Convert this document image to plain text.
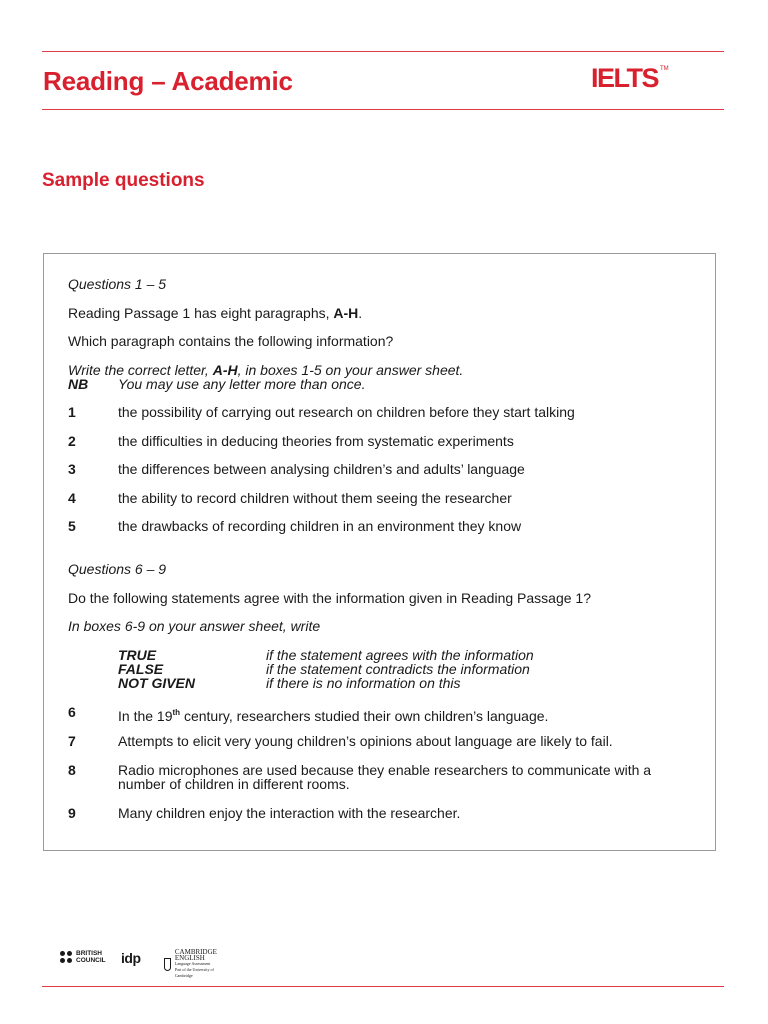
Reading – Academic	IELTS ™
Sample questions
Questions 1 – 5
Reading Passage 1 has eight paragraphs, A-H.
Which paragraph contains the following information?
Write the correct letter, A-H, in boxes 1-5 on your answer sheet.
NB You may use any letter more than once.
1	the possibility of carrying out research on children before they start talking
2	the difficulties in deducing theories from systematic experiments
3	the differences between analysing children’s and adults’ language
4	the ability to record children without them seeing the researcher
5	the drawbacks of recording children in an environment they know
Questions 6 – 9
Do the following statements agree with the information given in Reading Passage 1?
In boxes 6-9 on your answer sheet, write
TRUE	if the statement agrees with the information
FALSE	if the statement contradicts the information
NOT GIVEN	if there is no information on this
6	In the 19th century, researchers studied their own children’s language.
7	Attempts to elicit very young children’s opinions about language are likely to fail.
8	Radio microphones are used because they enable researchers to communicate with a
number of children in different rooms.
9	Many children enjoy the interaction with the researcher.
BRITISH
COUNCIL idp	CAMBRIDGE ENGLISH
Language Assessment
Part of the University of Cambridge
